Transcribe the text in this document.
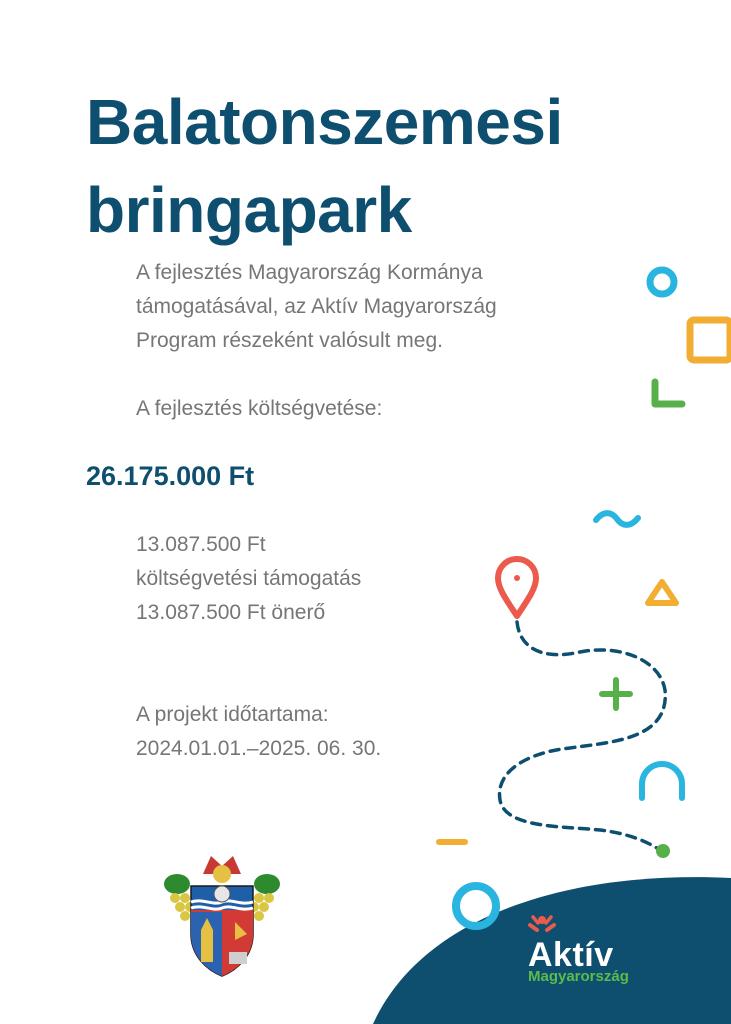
Balatonszemesi
bringapark

A fejlesztés Magyarország Kormánya
támogatásával, az Aktív Magyarország
Program részeként valósult meg.

A fejlesztés költségvetése:

26.175.000 Ft

13.087.500 Ft
költségvetési támogatás
13.087.500 Ft önerő

A projekt időtartama:
2024.01.01.–2025. 06. 30.

Aktív
Magyarország
